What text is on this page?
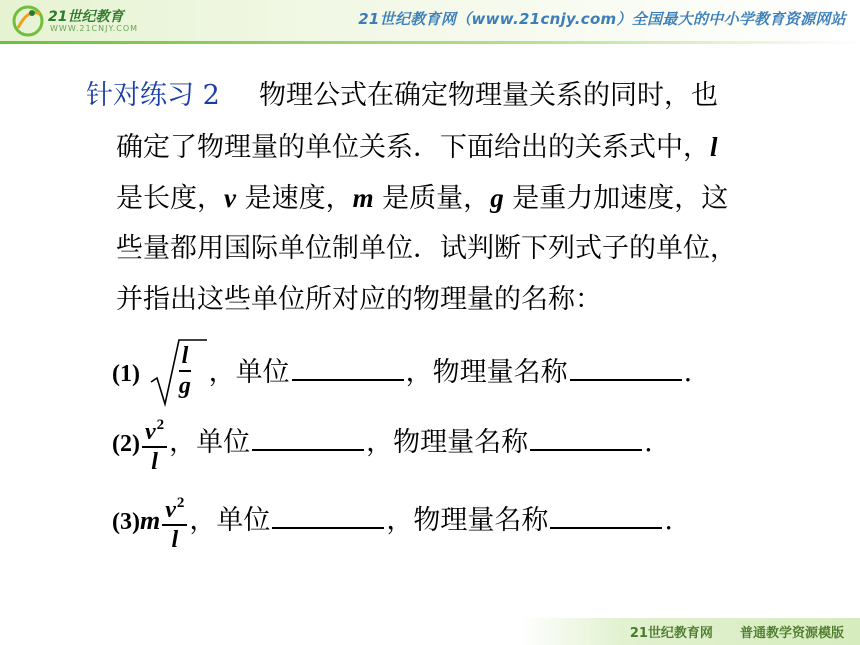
21世纪教育
WWW.21CNJY.COM
21世纪教育网（www.21cnjy.com）全国最大的中小学教育资源网站
针对练习 2 物理公式在确定物理量关系的同时，也
确定了物理量的单位关系．下面给出的关系式中，l
是长度，v 是速度，m 是质量，g 是重力加速度，这
些量都用国际单位制单位．试判断下列式子的单位，
并指出这些单位所对应的物理量的名称：
(1)
l
g ，单位	，物理量名称	.
$(2) \frac{v^2}{l}$ ，单位	，物理量名称	.
$(3)m \frac{v^2}{l}$ ，单位	，物理量名称	.
21世纪教育网 普通教学资源模版
